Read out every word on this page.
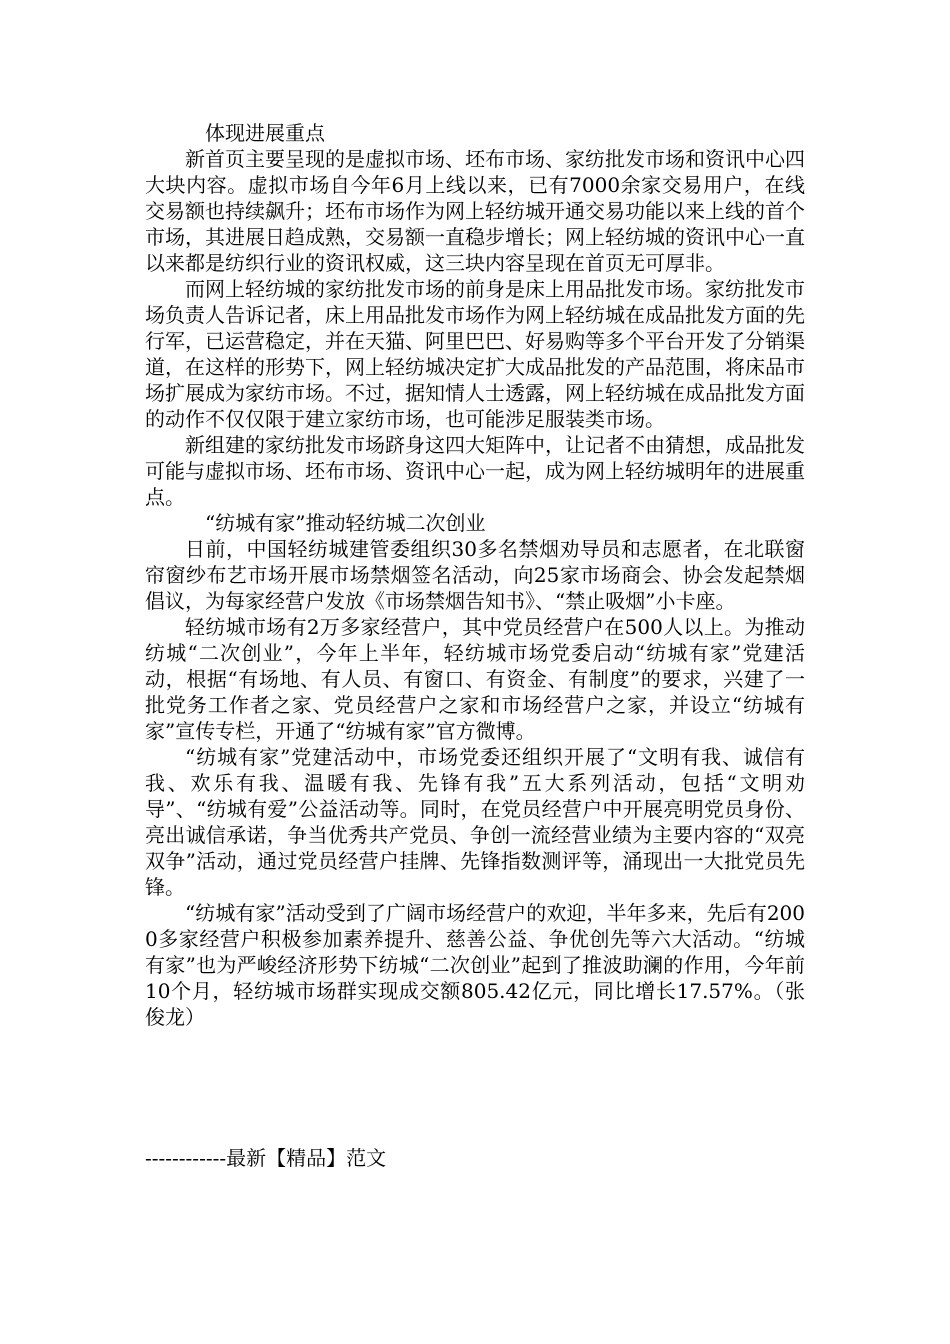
体现进展重点

新首页主要呈现的是虚拟市场、坯布市场、家纺批发市场和资讯中心四大块内容。虚拟市场自今年6月上线以来，已有7000余家交易用户，在线交易额也持续飙升；坯布市场作为网上轻纺城开通交易功能以来上线的首个市场，其进展日趋成熟，交易额一直稳步增长；网上轻纺城的资讯中心一直以来都是纺织行业的资讯权威，这三块内容呈现在首页无可厚非。

而网上轻纺城的家纺批发市场的前身是床上用品批发市场。家纺批发市场负责人告诉记者，床上用品批发市场作为网上轻纺城在成品批发方面的先行军，已运营稳定，并在天猫、阿里巴巴、好易购等多个平台开发了分销渠道，在这样的形势下，网上轻纺城决定扩大成品批发的产品范围，将床品市场扩展成为家纺市场。不过，据知情人士透露，网上轻纺城在成品批发方面的动作不仅仅限于建立家纺市场，也可能涉足服装类市场。

新组建的家纺批发市场跻身这四大矩阵中，让记者不由猜想，成品批发可能与虚拟市场、坯布市场、资讯中心一起，成为网上轻纺城明年的进展重点。

“纺城有家”推动轻纺城二次创业

日前，中国轻纺城建管委组织30多名禁烟劝导员和志愿者，在北联窗帘窗纱布艺市场开展市场禁烟签名活动，向25家市场商会、协会发起禁烟倡议，为每家经营户发放《市场禁烟告知书》、“禁止吸烟”小卡座。

轻纺城市场有2万多家经营户，其中党员经营户在500人以上。为推动纺城“二次创业”，今年上半年，轻纺城市场党委启动“纺城有家”党建活动，根据“有场地、有人员、有窗口、有资金、有制度”的要求，兴建了一批党务工作者之家、党员经营户之家和市场经营户之家，并设立“纺城有家”宣传专栏，开通了“纺城有家”官方微博。

“纺城有家”党建活动中，市场党委还组织开展了“文明有我、诚信有我、欢乐有我、温暖有我、先锋有我”五大系列活动，包括“文明劝导”、“纺城有爱”公益活动等。同时，在党员经营户中开展亮明党员身份、亮出诚信承诺，争当优秀共产党员、争创一流经营业绩为主要内容的“双亮双争”活动，通过党员经营户挂牌、先锋指数测评等，涌现出一大批党员先锋。

“纺城有家”活动受到了广阔市场经营户的欢迎，半年多来，先后有2000多家经营户积极参加素养提升、慈善公益、争优创先等六大活动。“纺城有家”也为严峻经济形势下纺城“二次创业”起到了推波助澜的作用，今年前10个月，轻纺城市场群实现成交额805.42亿元，同比增长17.57%。（张俊龙）

------------最新【精品】范文
